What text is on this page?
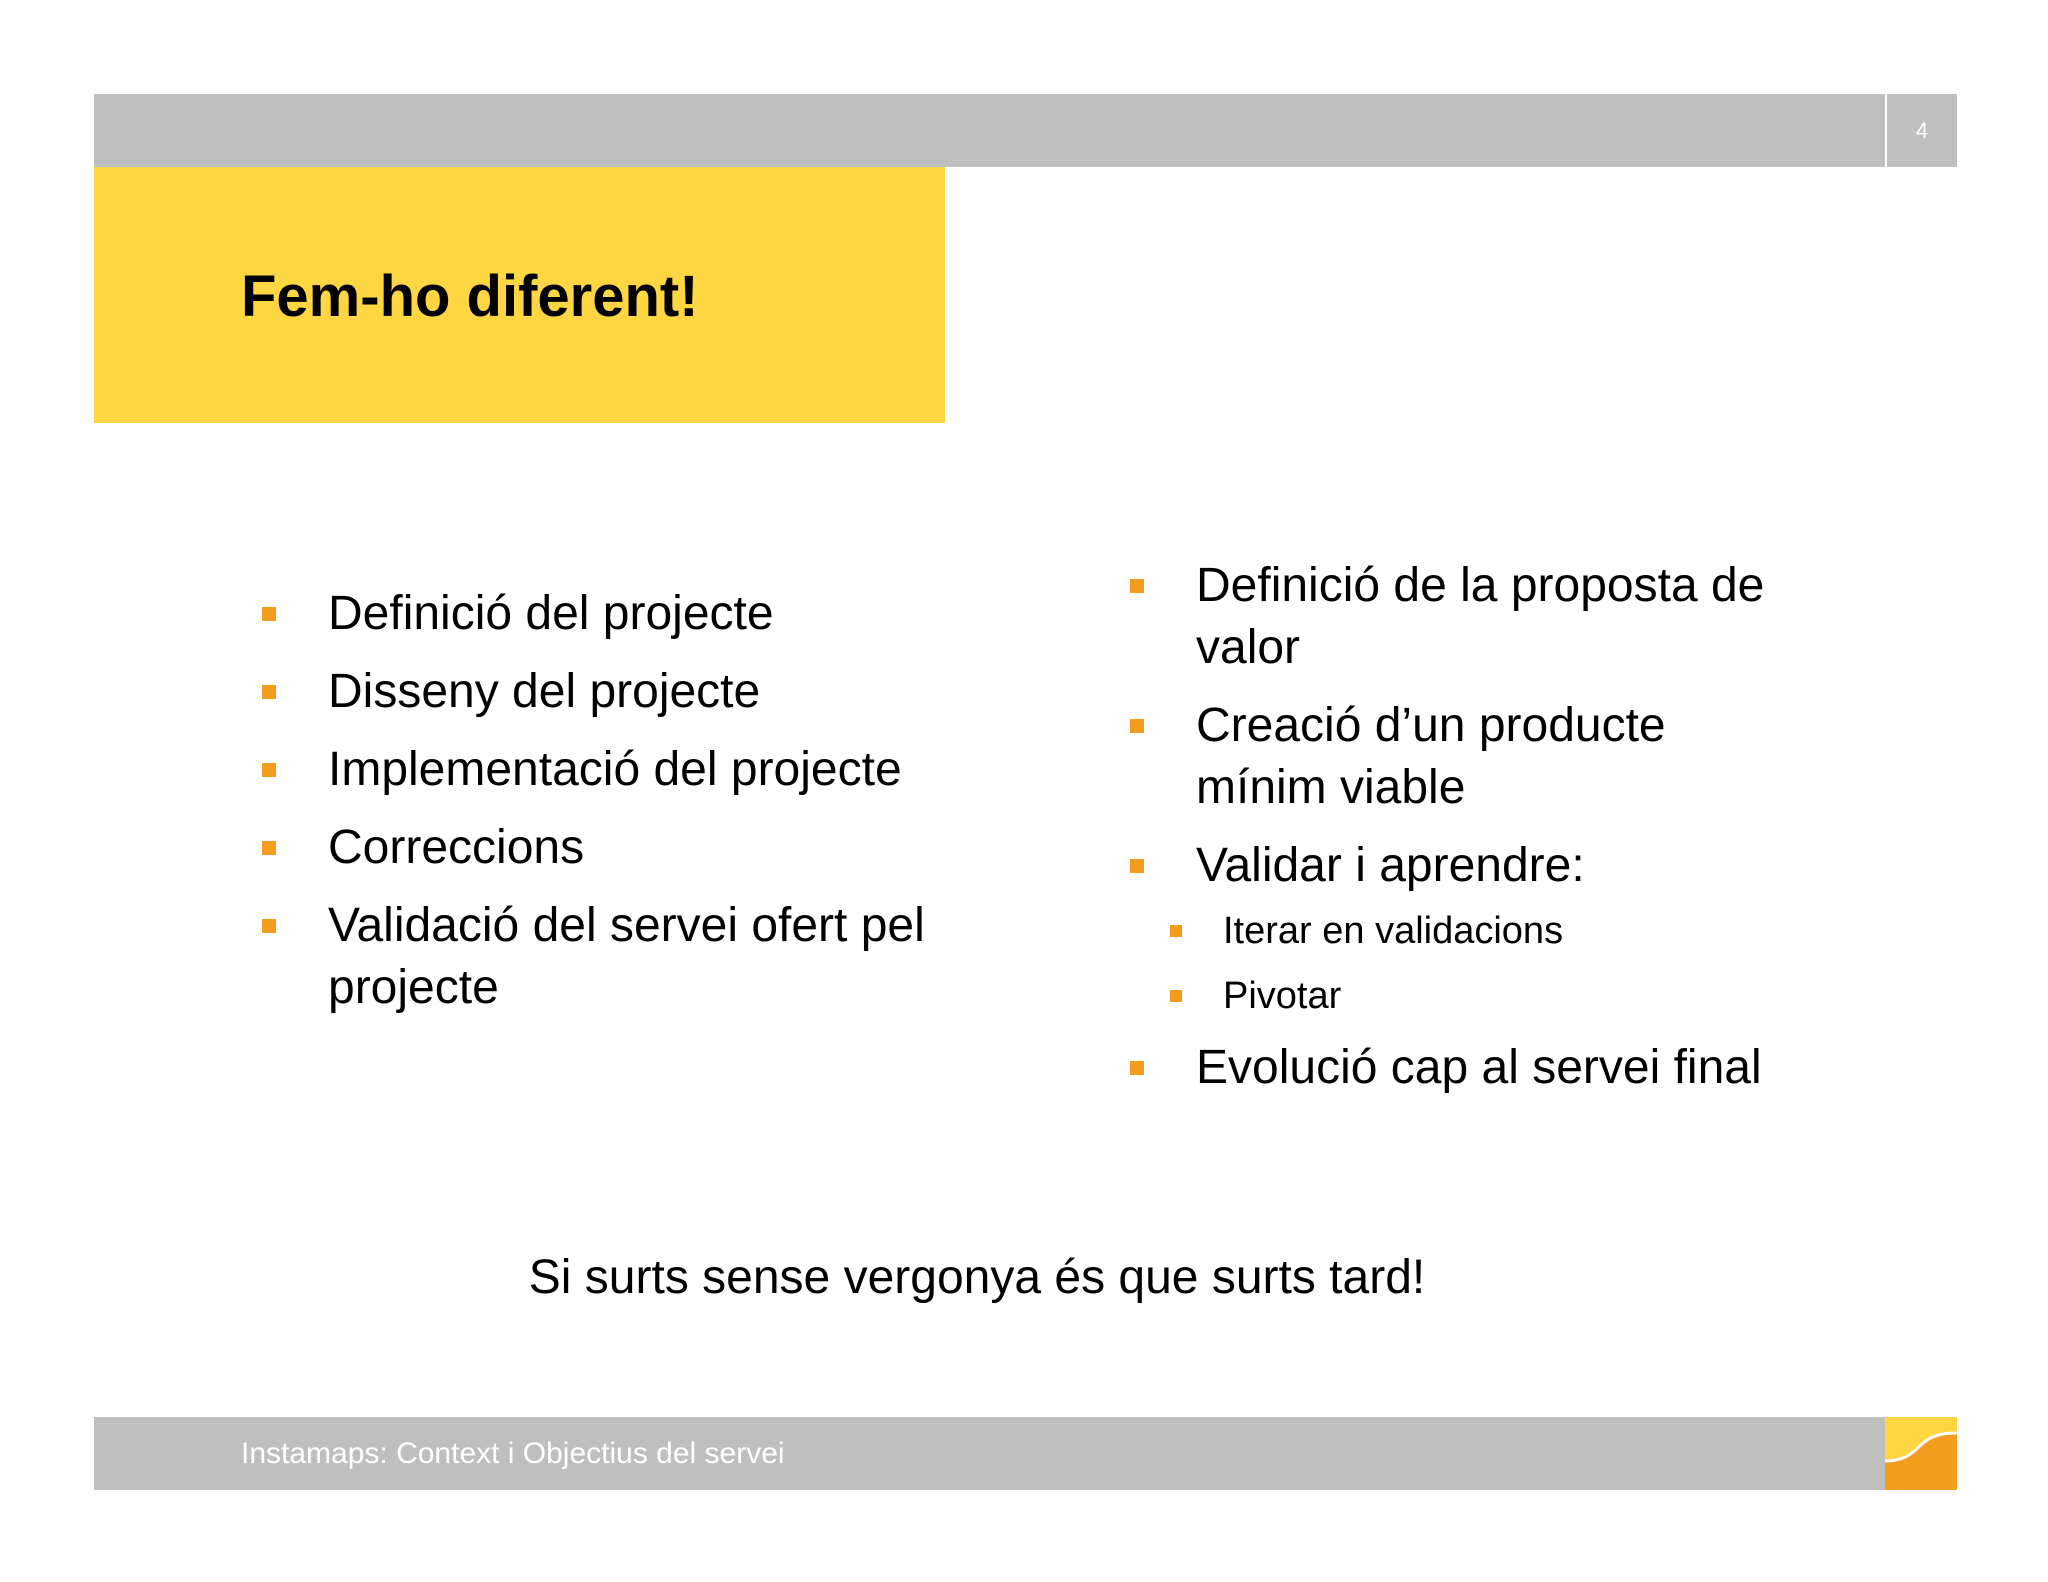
4
Fem-ho diferent!
Definició del projecte
Disseny del projecte
Implementació del projecte
Correccions
Validació del servei ofert pel projecte
Definició de la proposta de valor
Creació d’un producte mínim viable
Validar i aprendre:
Iterar en validacions
Pivotar
Evolució cap al servei final
Si surts sense vergonya és que surts tard!
Instamaps: Context i Objectius del servei
